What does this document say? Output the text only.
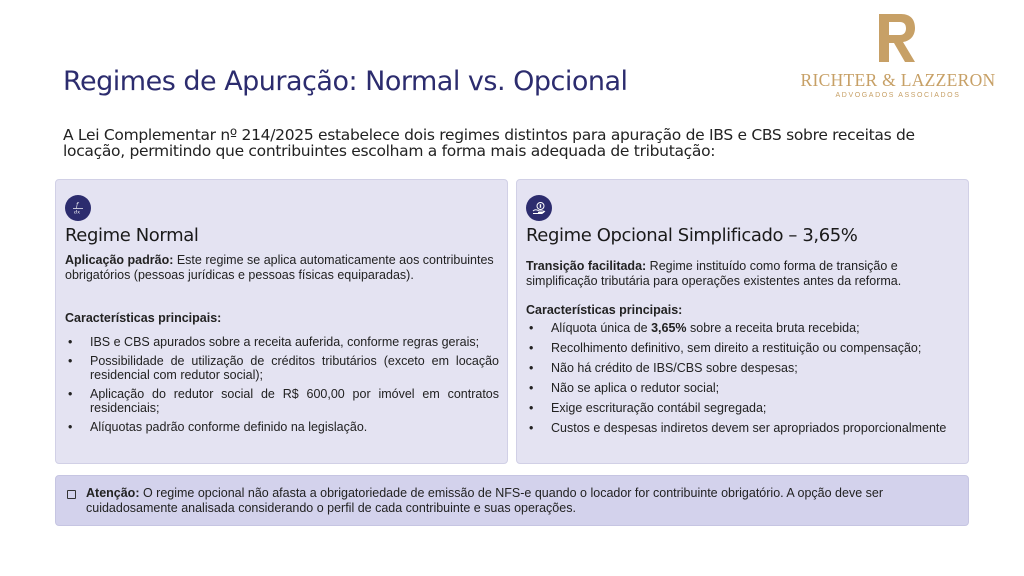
Regimes de Apuração: Normal vs. Opcional	RICHTER & LAZZERON
ADVOGADOS ASSOCIADOS

A Lei Complementar nº 214/2025 estabelece dois regimes distintos para apuração de IBS e CBS sobre receitas de locação, permitindo que contribuintes escolham a forma mais adequada de tributação:

f
dx
Regime Normal

Aplicação padrão: Este regime se aplica automaticamente aos contribuintes obrigatórios (pessoas jurídicas e pessoas físicas equiparadas).

Características principais:

• IBS e CBS apurados sobre a receita auferida, conforme regras gerais;
• Possibilidade de utilização de créditos tributários (exceto em locação residencial com redutor social);
• Aplicação do redutor social de R$ 600,00 por imóvel em contratos residenciais;
• Alíquotas padrão conforme definido na legislação.
Regime Opcional Simplificado – 3,65%

Transição facilitada: Regime instituído como forma de transição e simplificação tributária para operações existentes antes da reforma.

Características principais:

• Alíquota única de 3,65% sobre a receita bruta recebida;
• Recolhimento definitivo, sem direito a restituição ou compensação;
• Não há crédito de IBS/CBS sobre despesas;
• Não se aplica o redutor social;
• Exige escrituração contábil segregada;
• Custos e despesas indiretos devem ser apropriados proporcionalmente

Atenção: O regime opcional não afasta a obrigatoriedade de emissão de NFS-e quando o locador for contribuinte obrigatório. A opção deve ser cuidadosamente analisada considerando o perfil de cada contribuinte e suas operações.
